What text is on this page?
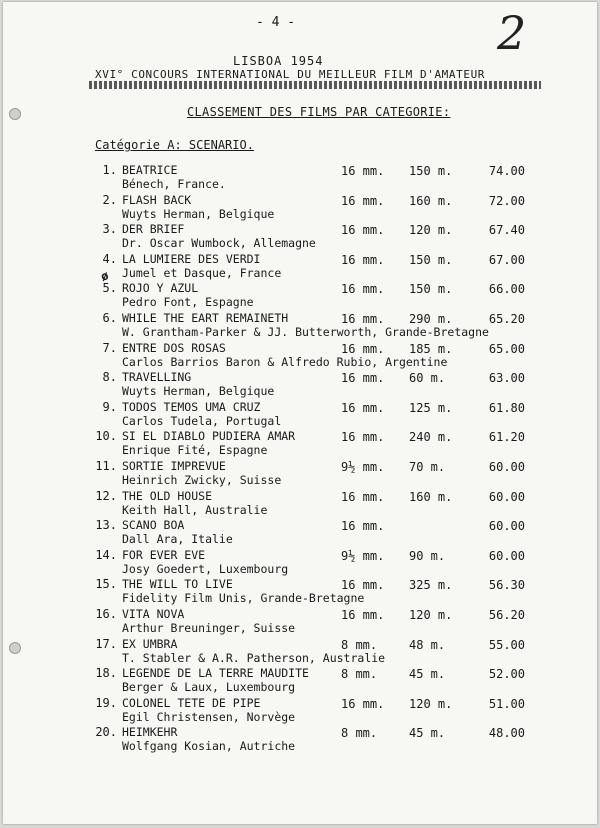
- 4 -	2
LISBOA 1954
XVI° CONCOURS INTERNATIONAL DU MEILLEUR FILM D'AMATEUR
CLASSEMENT DES FILMS PAR CATEGORIE:
Catégorie A: SCENARIO.
ø
1. BEATRICE
Bénech, France.
16 mm. 150 m.	74.00
2. FLASH BACK
Wuyts Herman, Belgique
16 mm. 160 m.	72.00
3. DER BRIEF
Dr. Oscar Wumbock, Allemagne
16 mm. 120 m.	67.40
4. LA LUMIERE DES VERDI
Jumel et Dasque, France
16 mm. 150 m.	67.00
5. ROJO Y AZUL
Pedro Font, Espagne
16 mm. 150 m.	66.00
6. WHILE THE EART REMAINETH
W. Grantham-Parker & JJ. Butterworth, Grande-Bretagne
16 mm. 290 m.	65.20
7. ENTRE DOS ROSAS
Carlos Barrios Baron & Alfredo Rubio, Argentine
16 mm. 185 m.	65.00
8. TRAVELLING
Wuyts Herman, Belgique
16 mm. 60 m.	63.00
9. TODOS TEMOS UMA CRUZ
Carlos Tudela, Portugal
16 mm. 125 m.	61.80
10. SI EL DIABLO PUDIERA AMAR
Enrique Fité, Espagne
16 mm. 240 m.	61.20
11. SORTIE IMPREVUE
Heinrich Zwicky, Suisse
9½ mm. 70 m.	60.00
12. THE OLD HOUSE
Keith Hall, Australie
16 mm. 160 m.	60.00
13. SCANO BOA
Dall Ara, Italie
16 mm.	60.00
14. FOR EVER EVE
Josy Goedert, Luxembourg
9½ mm. 90 m.	60.00
15. THE WILL TO LIVE
Fidelity Film Unis, Grande-Bretagne
16 mm. 325 m.	56.30
16. VITA NOVA
Arthur Breuninger, Suisse
16 mm. 120 m.	56.20
17. EX UMBRA
T. Stabler & A.R. Patherson, Australie
8 mm.	48 m.	55.00
18. LEGENDE DE LA TERRE MAUDITE
Berger & Laux, Luxembourg
8 mm.	45 m.	52.00
19. COLONEL TETE DE PIPE
Egil Christensen, Norvège
16 mm. 120 m.	51.00
20. HEIMKEHR
Wolfgang Kosian, Autriche
8 mm.	45 m.	48.00
